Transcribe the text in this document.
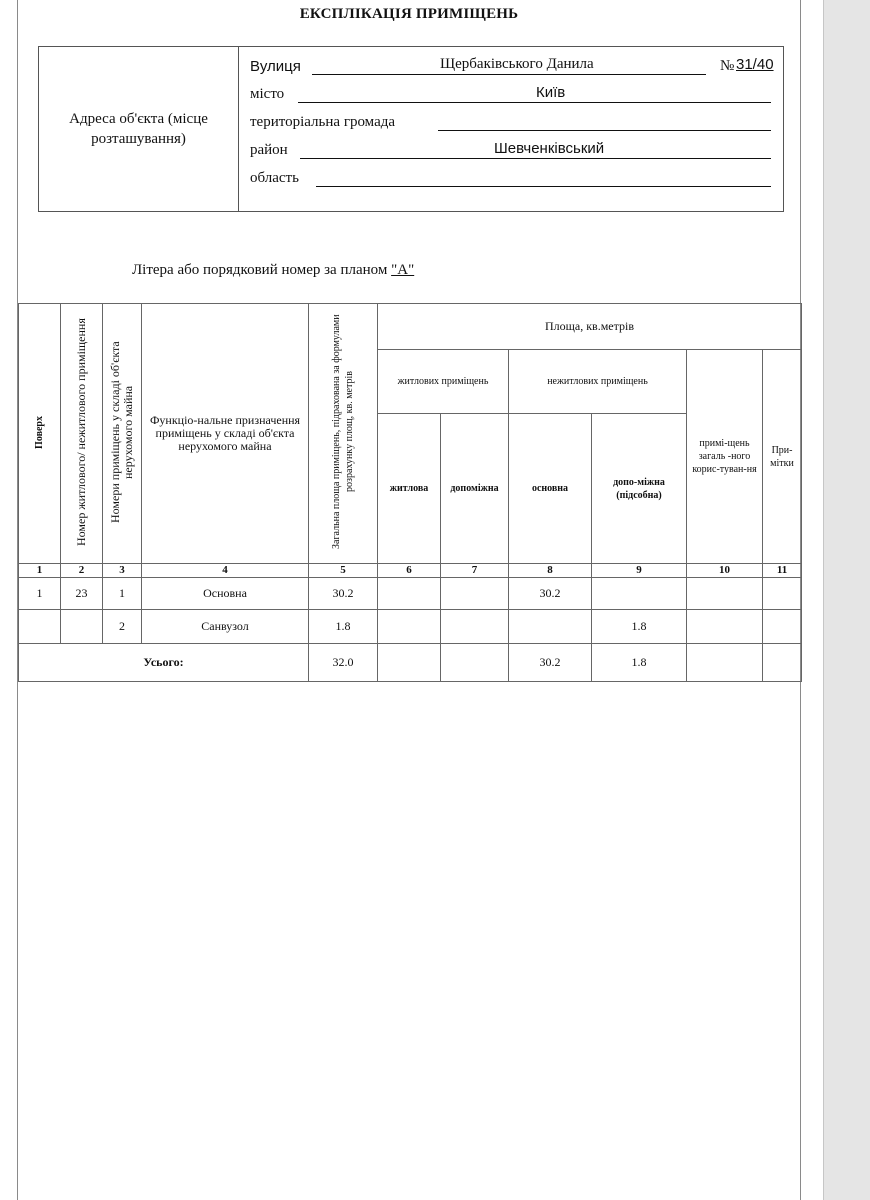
ЕКСПЛІКАЦІЯ ПРИМІЩЕНЬ
Адреса об'єкта (місце розташування)
Вулиця	Щербаківського Данила	№ 31/40
місто	Київ
територіальна громада
район	Шевченківський
область
Літера або порядковий номер за планом "А"
Поверх	Номер житлового/ нежитлового приміщення	Номери приміщень у складі об'єкта нерухомого майна	Функціо-нальне призначення приміщень у складі об'єкта нерухомого майна	Загальна площа приміщень, підрахована за формулами розрахунку площ, кв. метрів	Площа, кв.метрів					
					житлових приміщень		нежитлових приміщень		примі-щень загаль -ного корис-туван-ня	При-мітки
					житлова	допоміжна	основна	допо-міжна (підсобна)		
1	2	3	4	5	6	7	8	9	10	11
1	23	1	Основна	30.2			30.2			
		2	Санвузол	1.8				1.8		
Усього:				32.0			30.2	1.8		
